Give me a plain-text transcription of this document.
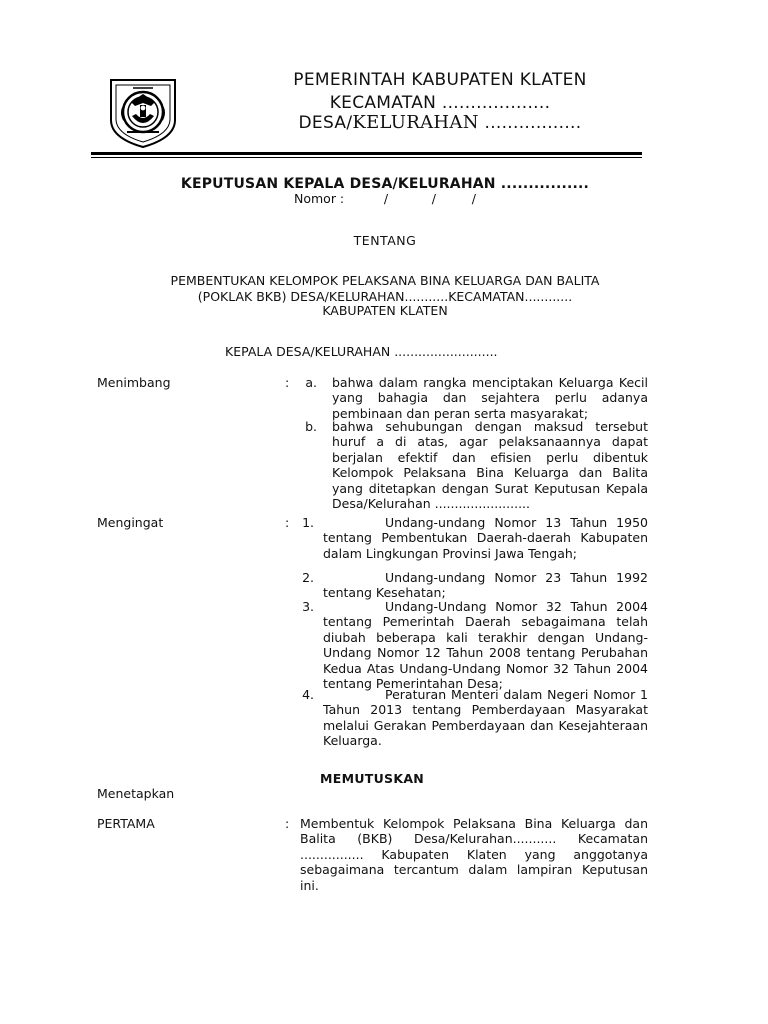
PEMERINTAH KABUPATEN KLATEN
KECAMATAN ...................
DESA/KELURAHAN .................
KEPUTUSAN KEPALA DESA/KELURAHAN ................
Nomor :          /           /         /
TENTANG
PEMBENTUKAN KELOMPOK PELAKSANA BINA KELUARGA DAN BALITA
(POKLAK BKB) DESA/KELURAHAN...........KECAMATAN............
KABUPATEN KLATEN
KEPALA DESA/KELURAHAN ..........................
Menimbang	:	a. bahwa dalam rangka menciptakan Keluarga Kecil yang bahagia dan sejahtera perlu adanya pembinaan dan peran serta masyarakat;
b. bahwa sehubungan dengan maksud tersebut huruf a di atas, agar pelaksanaannya dapat berjalan efektif dan efisien perlu dibentuk Kelompok Pelaksana Bina Keluarga dan Balita yang ditetapkan dengan Surat Keputusan Kepala Desa/Kelurahan ........................
Mengingat	:	1.	Undang-undang Nomor 13 Tahun 1950 tentang Pembentukan Daerah-daerah Kabupaten dalam Lingkungan Provinsi Jawa Tengah;
2.	Undang-undang Nomor 23 Tahun 1992 tentang Kesehatan;
3.	Undang-Undang Nomor 32 Tahun 2004 tentang Pemerintah Daerah sebagaimana telah diubah beberapa kali terakhir dengan Undang-Undang Nomor 12 Tahun 2008 tentang Perubahan Kedua Atas Undang-Undang Nomor 32 Tahun 2004 tentang Pemerintahan Desa;
4.	Peraturan Menteri dalam Negeri Nomor 1 Tahun 2013 tentang Pemberdayaan Masyarakat melalui Gerakan Pemberdayaan dan Kesejahteraan Keluarga.
MEMUTUSKAN
Menetapkan
PERTAMA	: Membentuk Kelompok Pelaksana Bina Keluarga dan Balita (BKB) Desa/Kelurahan........... Kecamatan ................ Kabupaten Klaten yang anggotanya sebagaimana tercantum dalam lampiran Keputusan ini.
